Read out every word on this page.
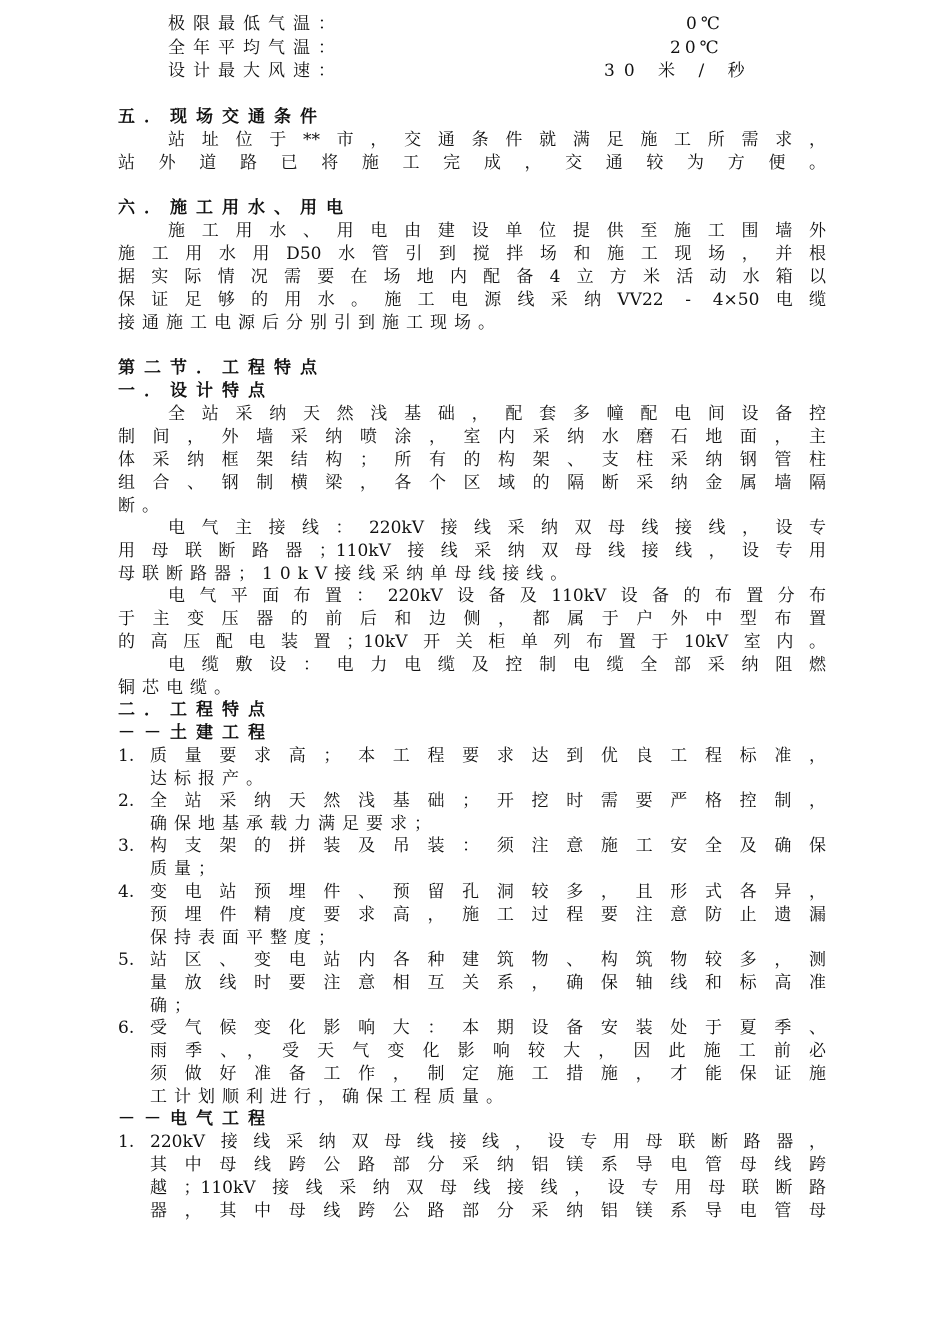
极限最低气温：	0℃
全年平均气温：	20℃
设计最大风速：	30 米 / 秒
五．现场交通条件
站址位于**市，交通条件就满足施工所需求，
站外道路已将施工完成，交通较为方便。
六．施工用水、用电
施工用水、用电由建设单位提供至施工围墙外
施工用水用D50水管引到搅拌场和施工现场，并根
据实际情况需要在场地内配备4立方米活动水箱以
保证足够的用水。施工电源线采纳VV22 - 4×50电缆
接通施工电源后分别引到施工现场。
第二节．工程特点
一．设计特点
全站采纳天然浅基础，配套多幢配电间设备控
制间，外墙采纳喷涂，室内采纳水磨石地面，主
体采纳框架结构；所有的构架、支柱采纳钢管柱
组合、钢制横梁，各个区域的隔断采纳金属墙隔
断。
电气主接线：220kV接线采纳双母线接线，设专
用母联断路器；110kV接线采纳双母线接线，设专用
母联断路器；10kV接线采纳单母线接线。
电气平面布置：220kV设备及110kV设备的布置分布
于主变压器的前后和边侧，都属于户外中型布置
的高压配电装置；10kV开关柜单列布置于10kV室内。
电缆敷设：电力电缆及控制电缆全部采纳阻燃
铜芯电缆。
二．工程特点
－－土建工程
1. 质量要求高；本工程要求达到优良工程标准，
达标报产。
2. 全站采纳天然浅基础；开挖时需要严格控制，
确保地基承载力满足要求；
3. 构支架的拼装及吊装：须注意施工安全及确保
质量；
4. 变电站预埋件、预留孔洞较多，且形式各异，
预埋件精度要求高，施工过程要注意防止遗漏
保持表面平整度；
5. 站区、变电站内各种建筑物、构筑物较多，测
量放线时要注意相互关系，确保轴线和标高准
确；
6. 受气候变化影响大：本期设备安装处于夏季、
雨季、，受天气变化影响较大，因此施工前必
须做好准备工作，制定施工措施，才能保证施
工计划顺利进行，确保工程质量。
－－电气工程
1. 220kV接线采纳双母线接线，设专用母联断路器，
其中母线跨公路部分采纳铝镁系导电管母线跨
越；110kV接线采纳双母线接线，设专用母联断路
器，其中母线跨公路部分采纳铝镁系导电管母
